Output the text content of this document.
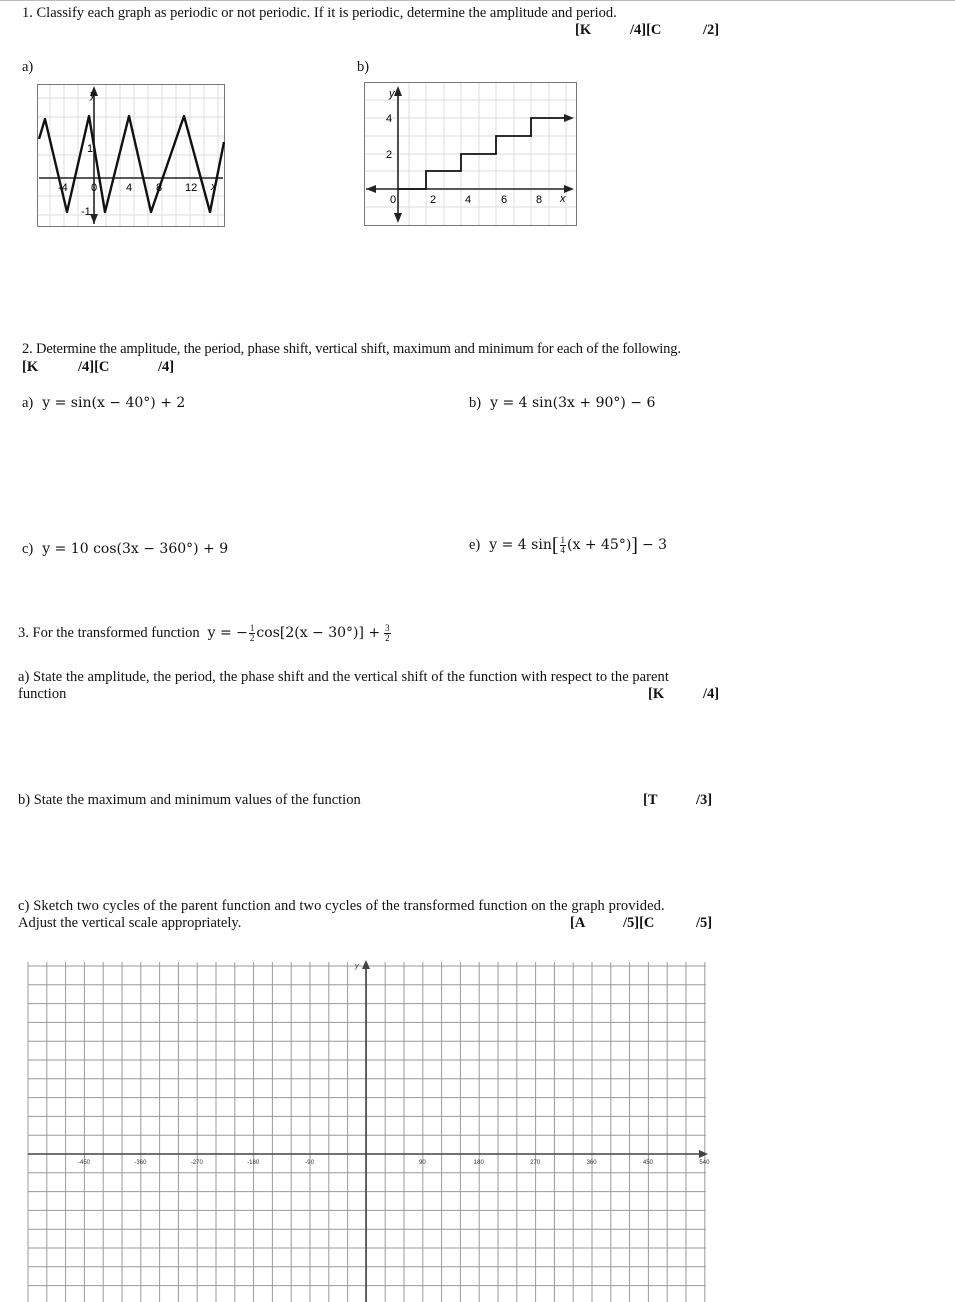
1. Classify each graph as periodic or not periodic. If it is periodic, determine the amplitude and period.
[K	/4][C	/2]
a)	b)
y
x
-4 0	4 8 12
1
-1
y
x
0	2	4	6	8
4
2
2. Determine the amplitude, the period, phase shift, vertical shift, maximum and minimum for each of the following.
[K	/4][C	/4]
a) y = sin(x − 40°) + 2	b) y = 4 sin(3x + 90°) − 6
c) y = 10 cos(3x − 360°) + 9	e) y = 4 $\sin[ \frac{1}{4} (x + 45^\circ)] - 3$
3. For the transformed function y = − $\frac{1}{2} \cos[2(x - 30^\circ)] + \frac{3}{2}$
a) State the amplitude, the period, the phase shift and the vertical shift of the function with respect to the parent
function	[K	/4]
b) State the maximum and minimum values of the function	[T	/3]
c) Sketch two cycles of the parent function and two cycles of the transformed function on the graph provided.
Adjust the vertical scale appropriately.	[A	/5][C	/5]
y
-450	-360	-270	-180	-90	90	180	270	360	450	540
